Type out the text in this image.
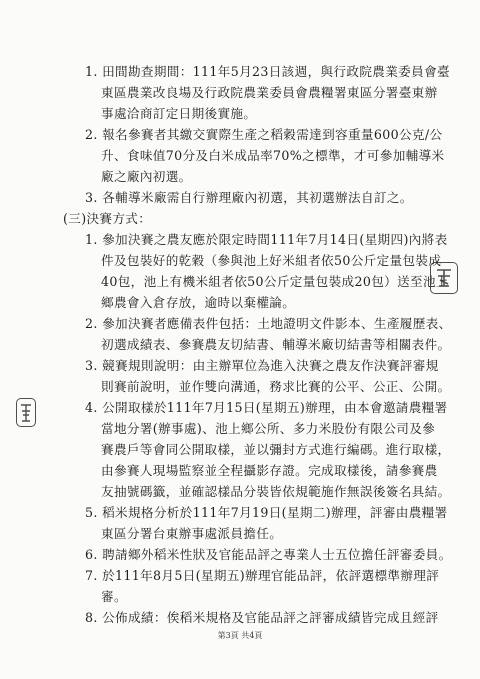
1. 田間勘查期間：111年5月23日該週，與行政院農業委員會臺
東區農業改良場及行政院農業委員會農糧署東區分署臺東辦
事處洽商訂定日期後實施。
2. 報名參賽者其繳交實際生產之稻穀需達到容重量600公克/公
升、食味值70分及白米成品率70%之標準，才可參加輔導米
廠之廠內初選。
3. 各輔導米廠需自行辦理廠內初選，其初選辦法自訂之。
(三)決賽方式：
1. 參加決賽之農友應於限定時間111年7月14日(星期四)內將表
件及包裝好的乾穀（參與池上好米組者依50公斤定量包裝成
40包，池上有機米組者依50公斤定量包裝成20包）送至池上
鄉農會入倉存放，逾時以棄權論。
2. 參加決賽者應備表件包括：土地證明文件影本、生產履歷表、
初選成績表、參賽農友切結書、輔導米廠切結書等相關表件。
3. 競賽規則說明：由主辦單位為進入決賽之農友作決賽評審規
則賽前說明，並作雙向溝通，務求比賽的公平、公正、公開。
4. 公開取樣於111年7月15日(星期五)辦理，由本會邀請農糧署
當地分署(辦事處)、池上鄉公所、多力米股份有限公司及參
賽農戶等會同公開取樣，並以彌封方式進行編碼。進行取樣，
由參賽人現場監察並全程攝影存證。完成取樣後，請參賽農
友抽號碼籤，並確認樣品分裝皆依規範施作無誤後簽名具結。
5. 稻米規格分析於111年7月19日(星期二)辦理，評審由農糧署
東區分署台東辦事處派員擔任。
6. 聘請鄉外稻米性狀及官能品評之專業人士五位擔任評審委員。
7. 於111年8月5日(星期五)辦理官能品評，依評選標準辦理評
審。
8. 公佈成績：俟稻米規格及官能品評之評審成績皆完成且經評
第3頁 共4頁
